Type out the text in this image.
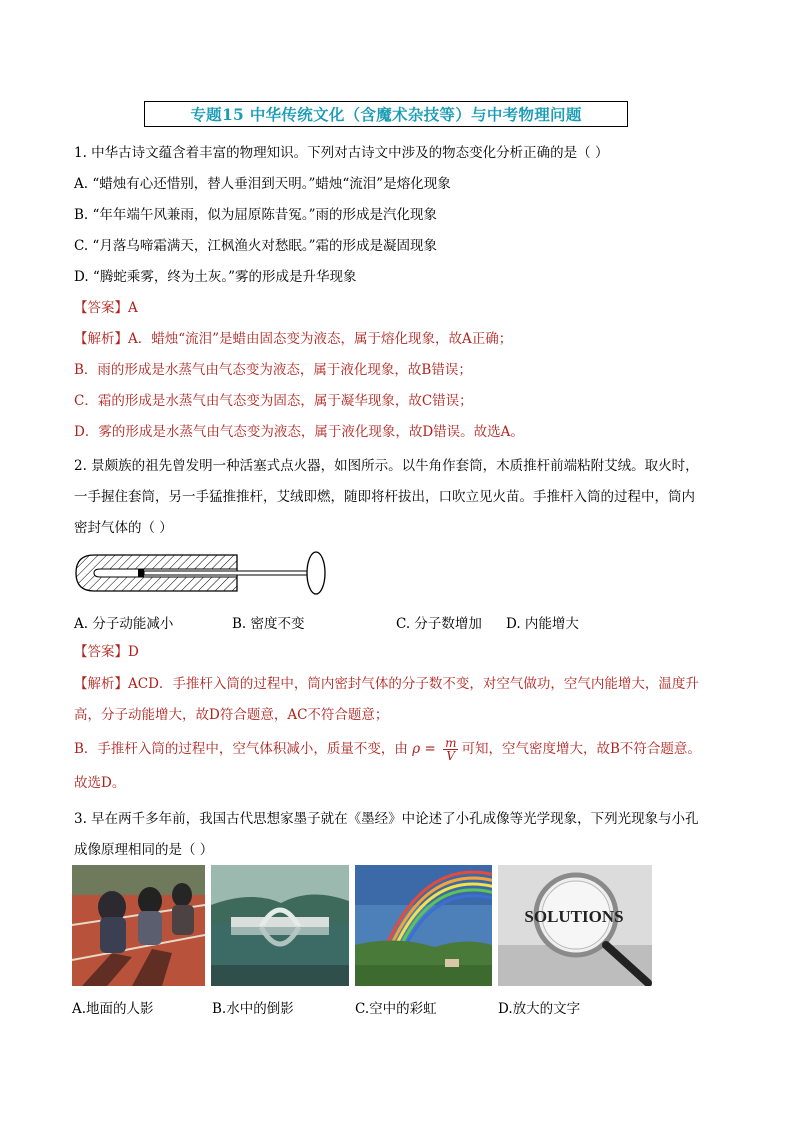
专题15 中华传统文化（含魔术杂技等）与中考物理问题
1. 中华古诗文蕴含着丰富的物理知识。下列对古诗文中涉及的物态变化分析正确的是（ ）
A. “蜡烛有心还惜别，替人垂泪到天明。”蜡烛“流泪”是熔化现象
B. “年年端午风兼雨，似为屈原陈昔冤。”雨的形成是汽化现象
C. “月落乌啼霜满天，江枫渔火对愁眠。”霜的形成是凝固现象
D. “腾蛇乘雾，终为土灰。”雾的形成是升华现象
【答案】A
【解析】A．蜡烛“流泪”是蜡由固态变为液态，属于熔化现象，故A正确；
B．雨的形成是水蒸气由气态变为液态，属于液化现象，故B错误；
C．霜的形成是水蒸气由气态变为固态，属于凝华现象，故C错误；
D．雾的形成是水蒸气由气态变为液态，属于液化现象，故D错误。故选A。
2. 景颇族的祖先曾发明一种活塞式点火器，如图所示。以牛角作套筒，木质推杆前端粘附艾绒。取火时，
一手握住套筒，另一手猛推推杆，艾绒即燃，随即将杆拔出，口吹立见火苗。手推杆入筒的过程中，筒内
密封气体的（ ）
A. 分子动能减小	B. 密度不变	C. 分子数增加 D. 内能增大
【答案】D
【解析】ACD．手推杆入筒的过程中，筒内密封气体的分子数不变，对空气做功，空气内能增大，温度升
高，分子动能增大，故D符合题意，AC不符合题意；
B．手推杆入筒的过程中，空气体积减小，质量不变，由 $\rho = \frac{m}{V}$ 可知，空气密度增大，故B不符合题意。
故选D。
3. 早在两千多年前，我国古代思想家墨子就在《墨经》中论述了小孔成像等光学现象，下列光现象与小孔
成像原理相同的是（ ）
SOLUTIONS
A.地面的人影	B.水中的倒影	C.空中的彩虹	D.放大的文字
